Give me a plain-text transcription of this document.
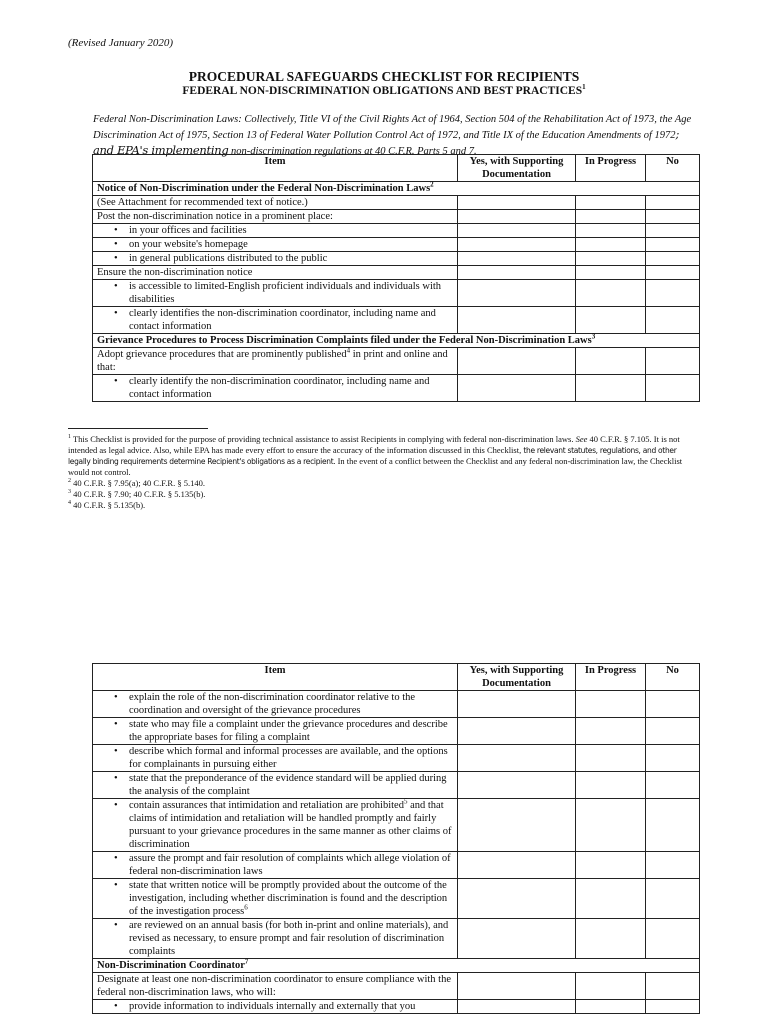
(Revised January 2020)
PROCEDURAL SAFEGUARDS CHECKLIST FOR RECIPIENTS
FEDERAL NON-DISCRIMINATION OBLIGATIONS AND BEST PRACTICES$^1$
Federal Non-Discrimination Laws: Collectively, Title VI of the Civil Rights Act of 1964, Section 504 of the Rehabilitation Act of 1973, the Age Discrimination Act of 1975, Section 13 of Federal Water Pollution Control Act of 1972, and Title IX of the Education Amendments of 1972; and EPA's implementing non-discrimination regulations at 40 C.F.R. Parts 5 and 7.
Item	Yes, with Supporting Documentation	In Progress	No
Notice of Non-Discrimination under the Federal Non-Discrimination Laws$^2$
(See Attachment for recommended text of notice.)			
Post the non-discrimination notice in a prominent place:			
• in your offices and facilities			
• on your website's homepage			
• in general publications distributed to the public			
Ensure the non-discrimination notice			
• is accessible to limited-English proficient individuals and individuals with disabilities			
• clearly identifies the non-discrimination coordinator, including name and contact information			
Grievance Procedures to Process Discrimination Complaints filed under the Federal Non-Discrimination Laws$^3$
Adopt grievance procedures that are prominently published$^4$ in print and online and that:			
• clearly identify the non-discrimination coordinator, including name and contact information			
$^1$ This Checklist is provided for the purpose of providing technical assistance to assist Recipients in complying with federal non-discrimination laws. See 40 C.F.R. § 7.105. It is not intended as legal advice. Also, while EPA has made every effort to ensure the accuracy of the information discussed in this Checklist, the relevant statutes, regulations, and other legally binding requirements determine Recipient's obligations as a recipient. In the event of a conflict between the Checklist and any federal non-discrimination law, the Checklist would not control.
$^2$ 40 C.F.R. § 7.95(a); 40 C.F.R. § 5.140.
$^3$ 40 C.F.R. § 7.90; 40 C.F.R. § 5.135(b).
$^4$ 40 C.F.R. § 5.135(b).
Item	Yes, with Supporting Documentation	In Progress	No
• explain the role of the non-discrimination coordinator relative to the coordination and oversight of the grievance procedures			
• state who may file a complaint under the grievance procedures and describe the appropriate bases for filing a complaint			
• describe which formal and informal processes are available, and the options for complainants in pursuing either			
• state that the preponderance of the evidence standard will be applied during the analysis of the complaint			
• contain assurances that intimidation and retaliation are prohibited$^5$ and that claims of intimidation and retaliation will be handled promptly and fairly pursuant to your grievance procedures in the same manner as other claims of discrimination			
• assure the prompt and fair resolution of complaints which allege violation of federal non-discrimination laws			
• state that written notice will be promptly provided about the outcome of the investigation, including whether discrimination is found and the description of the investigation process$^6$			
• are reviewed on an annual basis (for both in-print and online materials), and revised as necessary, to ensure prompt and fair resolution of discrimination complaints			
Non-Discrimination Coordinator$^7$
Designate at least one non-discrimination coordinator to ensure compliance with the federal non-discrimination laws, who will:			
• provide information to individuals internally and externally that you			
